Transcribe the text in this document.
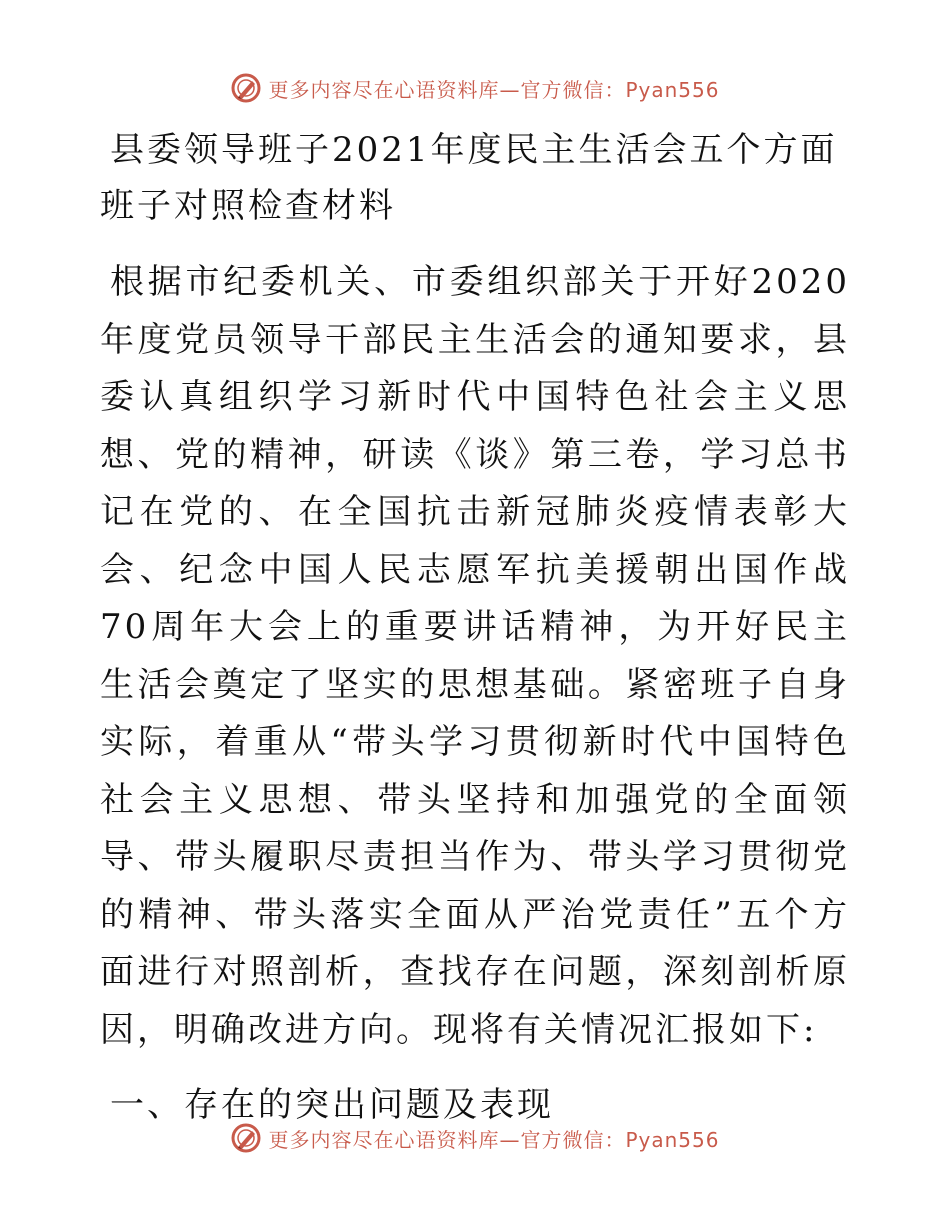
更多内容尽在心语资料库—官方微信：Pyan556
县委领导班子2021年度民主生活会五个方面班子对照检查材料

根据市纪委机关、市委组织部关于开好2020年度党员领导干部民主生活会的通知要求，县委认真组织学习新时代中国特色社会主义思想、党的精神，研读《谈》第三卷，学习总书记在党的、在全国抗击新冠肺炎疫情表彰大会、纪念中国人民志愿军抗美援朝出国作战70周年大会上的重要讲话精神，为开好民主生活会奠定了坚实的思想基础。紧密班子自身实际，着重从“带头学习贯彻新时代中国特色社会主义思想、带头坚持和加强党的全面领导、带头履职尽责担当作为、带头学习贯彻党的精神、带头落实全面从严治党责任”五个方面进行对照剖析，查找存在问题，深刻剖析原因，明确改进方向。现将有关情况汇报如下:

一、存在的突出问题及表现
更多内容尽在心语资料库—官方微信：Pyan556
